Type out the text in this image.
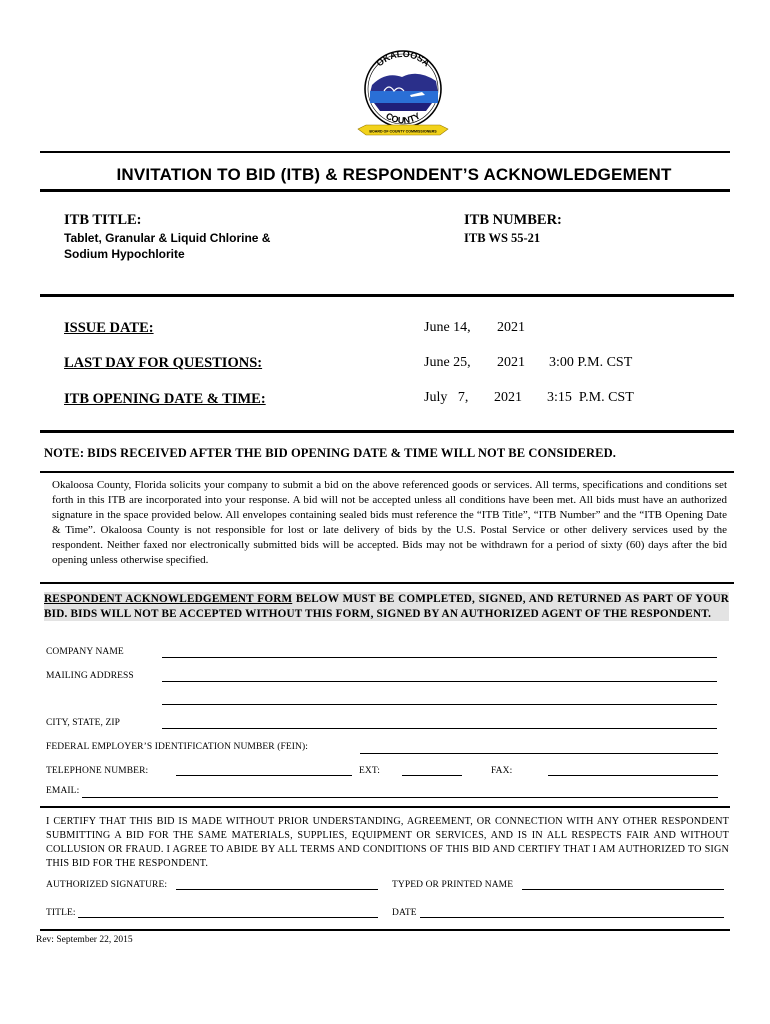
OKALOOSA
COUNTY
BOARD OF COUNTY COMMISSIONERS
INVITATION TO BID (ITB) & RESPONDENT’S ACKNOWLEDGEMENT
ITB TITLE:
Tablet, Granular & Liquid Chlorine &
Sodium Hypochlorite
ITB NUMBER:
ITB WS 55-21
ISSUE DATE:	June 14, 2021
LAST DAY FOR QUESTIONS:	June 25, 2021 3:00 P.M. CST
ITB OPENING DATE & TIME:	July   7, 2021 3:15  P.M. CST
NOTE: BIDS RECEIVED AFTER THE BID OPENING DATE & TIME WILL NOT BE CONSIDERED.
Okaloosa County, Florida solicits your company to submit a bid on the above referenced goods or services. All terms, specifications and conditions set forth in this ITB are incorporated into your response. A bid will not be accepted unless all conditions have been met. All bids must have an authorized signature in the space provided below. All envelopes containing sealed bids must reference the “ITB Title”, “ITB Number” and the “ITB Opening Date & Time”. Okaloosa County is not responsible for lost or late delivery of bids by the U.S. Postal Service or other delivery services used by the respondent. Neither faxed nor electronically submitted bids will be accepted. Bids may not be withdrawn for a period of sixty (60) days after the bid opening unless otherwise specified.
RESPONDENT ACKNOWLEDGEMENT FORM BELOW MUST BE COMPLETED, SIGNED, AND RETURNED AS PART OF YOUR BID. BIDS WILL NOT BE ACCEPTED WITHOUT THIS FORM, SIGNED BY AN AUTHORIZED AGENT OF THE RESPONDENT.
COMPANY NAME
MAILING ADDRESS
CITY, STATE, ZIP
FEDERAL EMPLOYER’S IDENTIFICATION NUMBER (FEIN):
TELEPHONE NUMBER:	EXT:	FAX:
EMAIL:
I CERTIFY THAT THIS BID IS MADE WITHOUT PRIOR UNDERSTANDING, AGREEMENT, OR CONNECTION WITH ANY OTHER RESPONDENT SUBMITTING A BID FOR THE SAME MATERIALS, SUPPLIES, EQUIPMENT OR SERVICES, AND IS IN ALL RESPECTS FAIR AND WITHOUT COLLUSION OR FRAUD. I AGREE TO ABIDE BY ALL TERMS AND CONDITIONS OF THIS BID AND CERTIFY THAT I AM AUTHORIZED TO SIGN THIS BID FOR THE RESPONDENT.
AUTHORIZED SIGNATURE:	TYPED OR PRINTED NAME
TITLE:	DATE
Rev: September 22, 2015
